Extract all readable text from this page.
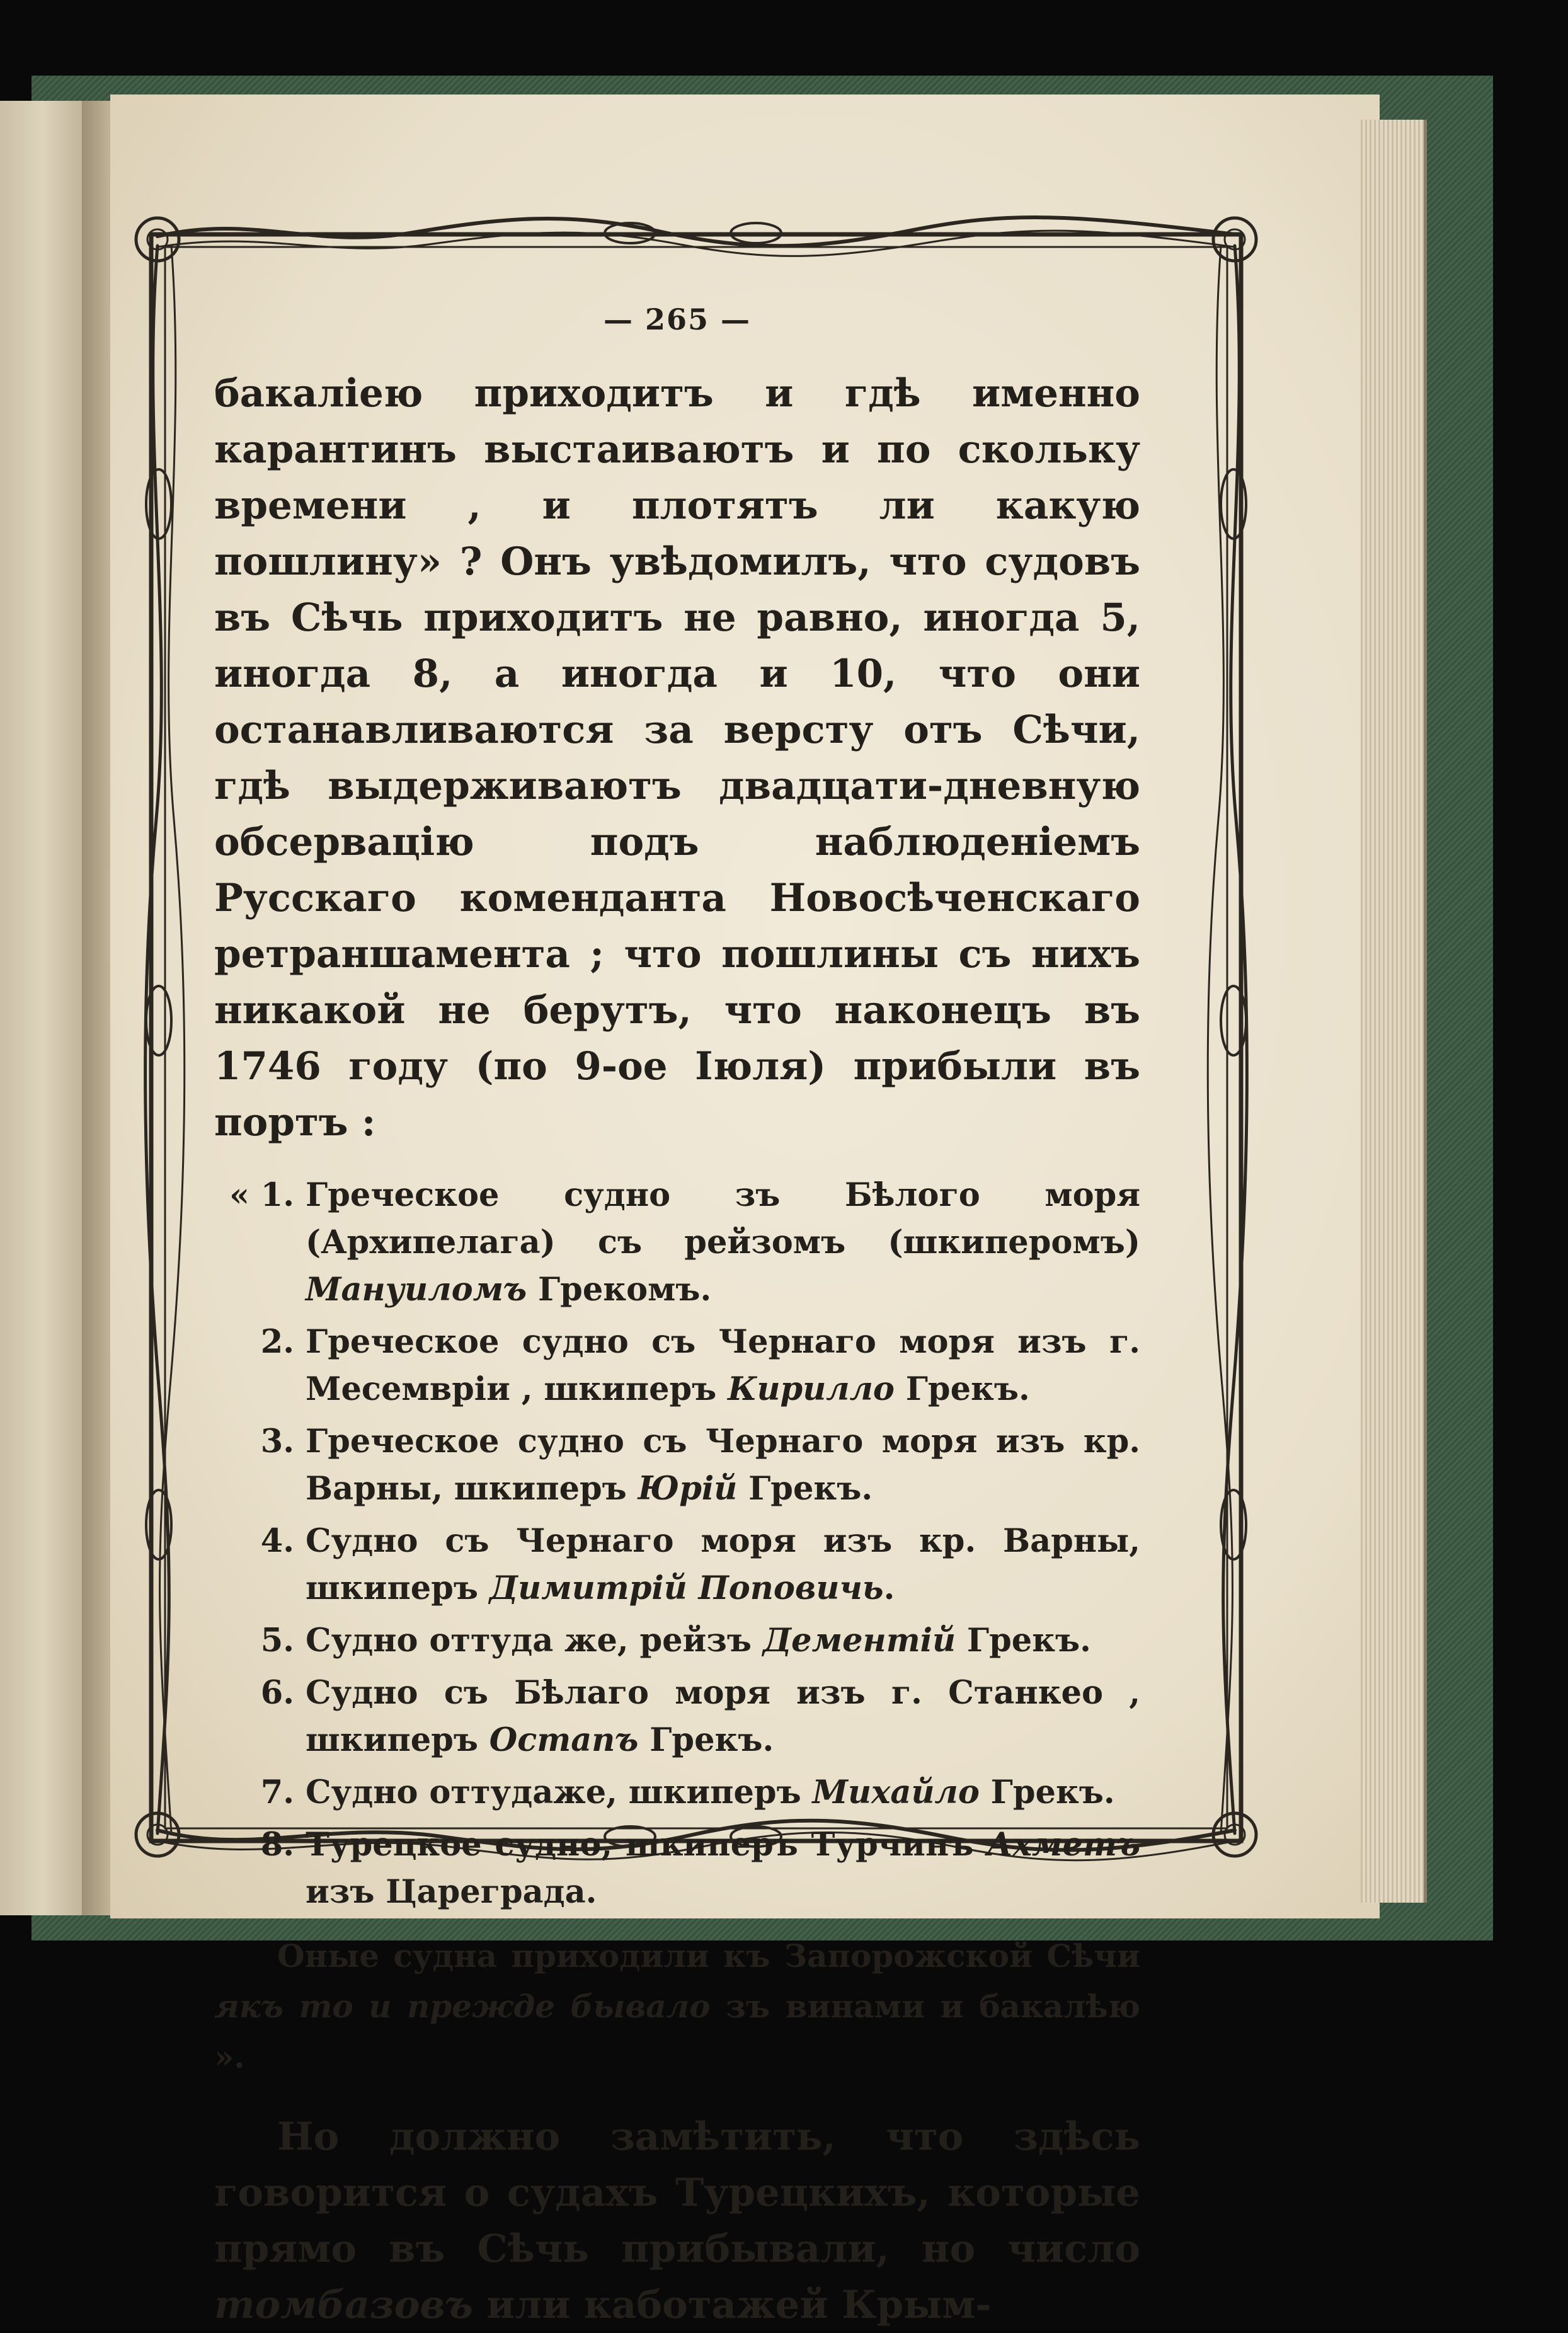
— 265 —

бакалiею приходитъ и гдѣ именно карантинъ выстаиваютъ и по скольку времени , и плотятъ ли какую пошлину» ? Онъ увѣдомилъ, что судовъ въ Сѣчь приходитъ не равно, иногда 5, иногда 8, а иногда и 10, что они останавливаются за версту отъ Сѣчи, гдѣ выдерживаютъ двадцати-дневную обсервацiю подъ наблюденiемъ Русскаго коменданта Новосѣченскаго ретраншамента ; что пошлины съ нихъ никакой не берутъ, что наконецъ въ 1746 году (по 9-ое Iюля) прибыли въ портъ :

« 1. Греческое судно зъ Бѣлого моря (Архипелага) съ рейзомъ (шкиперомъ) Мануиломъ Грекомъ.
2. Греческое судно съ Чернаго моря изъ г. Месемврiи , шкиперъ Кирилло Грекъ.
3. Греческое судно съ Чернаго моря изъ кр. Варны, шкиперъ Юрiй Грекъ.
4. Судно съ Чернаго моря изъ кр. Варны, шкиперъ Димитрiй Поповичь.
5. Судно оттуда же, рейзъ Дементiй Грекъ.
6. Судно съ Бѣлаго моря изъ г. Станкео , шкиперъ Остапъ Грекъ.
7. Судно оттудаже, шкиперъ Михайло Грекъ.
8. Турецкое судно, шкиперъ Турчинъ Ахметъ изъ Цареграда.

Оные судна приходили къ Запорожской Сѣчи якъ то и прежде бывало зъ винами и бакалѣю ».

Но должно замѣтить, что здѣсь говорится о судахъ Турецкихъ, которые прямо въ Сѣчь прибывали, но число томбазовъ или каботажей Крым-
